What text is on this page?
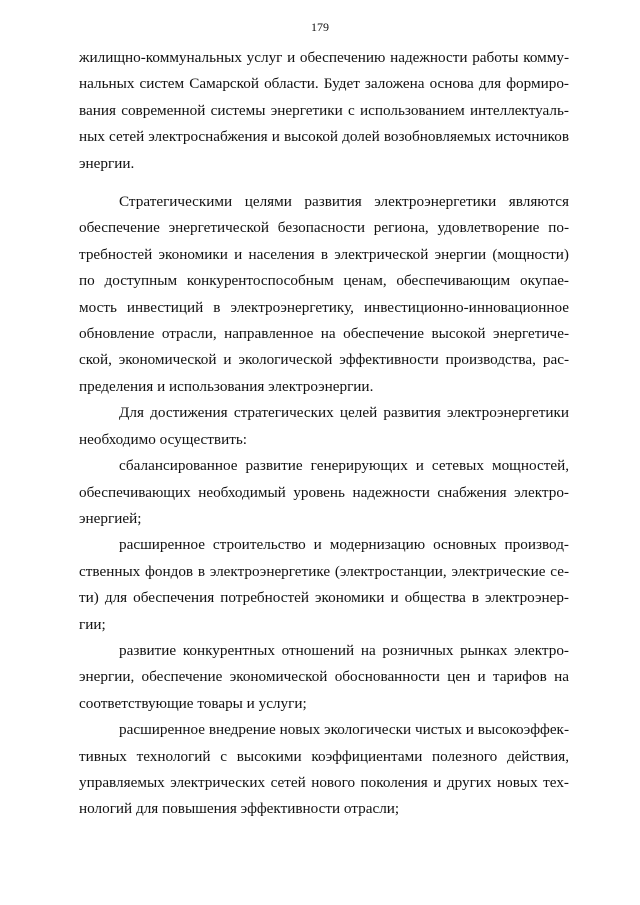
179
жилищно-коммунальных услуг и обеспечению надежности работы комму-
нальных систем Самарской области. Будет заложена основа для формиро-
вания современной системы энергетики с использованием интеллектуаль-
ных сетей электроснабжения и высокой долей возобновляемых источников
энергии.
Стратегическими целями развития электроэнергетики являются
обеспечение энергетической безопасности региона, удовлетворение по-
требностей экономики и населения в электрической энергии (мощности)
по доступным конкурентоспособным ценам, обеспечивающим окупае-
мость инвестиций в электроэнергетику, инвестиционно-инновационное
обновление отрасли, направленное на обеспечение высокой энергетиче-
ской, экономической и экологической эффективности производства, рас-
пределения и использования электроэнергии.
Для достижения стратегических целей развития электроэнергетики
необходимо осуществить:
сбалансированное развитие генерирующих и сетевых мощностей,
обеспечивающих необходимый уровень надежности снабжения электро-
энергией;
расширенное строительство и модернизацию основных производ-
ственных фондов в электроэнергетике (электростанции, электрические се-
ти) для обеспечения потребностей экономики и общества в электроэнер-
гии;
развитие конкурентных отношений на розничных рынках электро-
энергии, обеспечение экономической обоснованности цен и тарифов на
соответствующие товары и услуги;
расширенное внедрение новых экологически чистых и высокоэффек-
тивных технологий с высокими коэффициентами полезного действия,
управляемых электрических сетей нового поколения и других новых тех-
нологий для повышения эффективности отрасли;
